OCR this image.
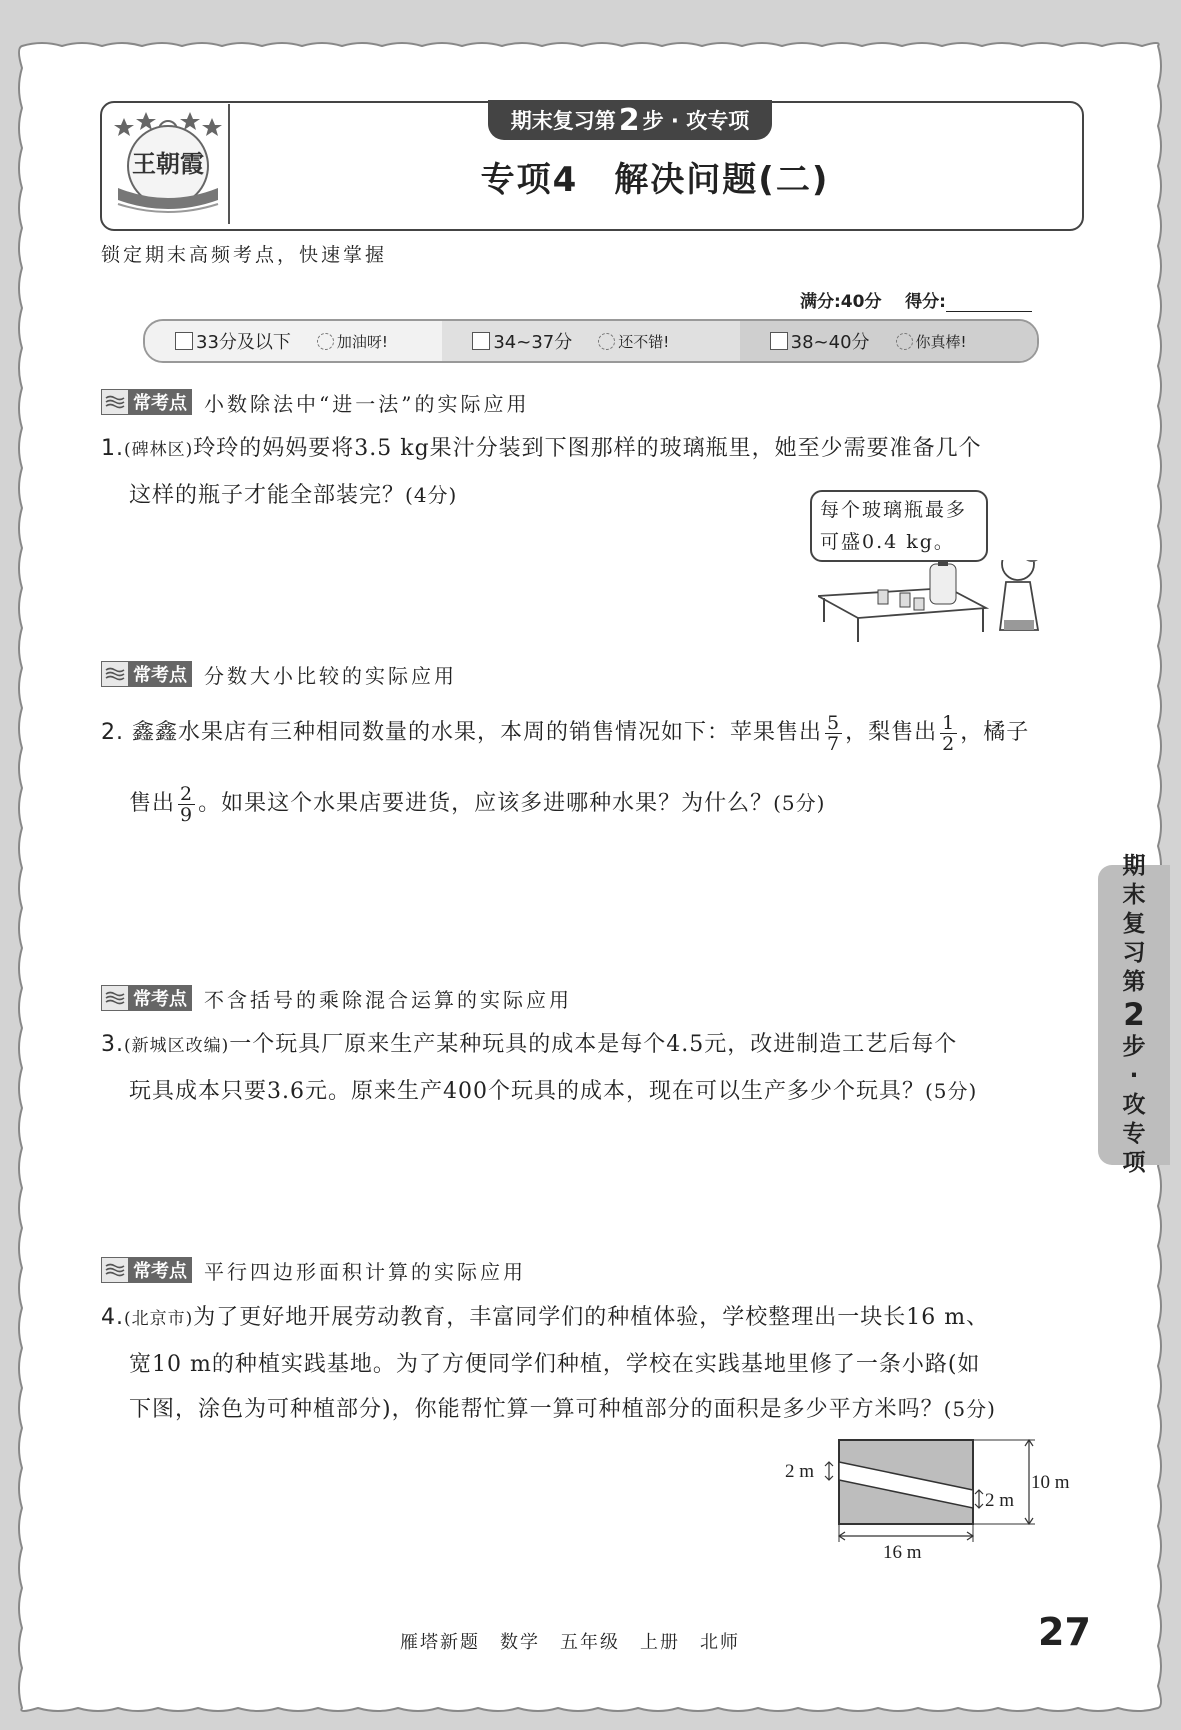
王朝霞
期末复习第 2 步 · 攻专项
专项4　解决问题(二)
锁定期末高频考点，快速掌握
满分:40分 得分:
33分及以下	加油呀!	34~37分	还不错!	38~40分	你真棒!
常考点 小数除法中“进一法”的实际应用
1.(碑林区)玲玲的妈妈要将3.5 kg果汁分装到下图那样的玻璃瓶里，她至少需要准备几个
这样的瓶子才能全部装完？(4分)
每个玻璃瓶最多
可盛0.4 kg。
常考点 分数大小比较的实际应用
2. 鑫鑫水果店有三种相同数量的水果，本周的销售情况如下：苹果售出 $\frac{5}{7}$ ，梨售出 $\frac{1}{2}$ ，橘子
售出 $\frac{2}{9}$ 。如果这个水果店要进货，应该多进哪种水果？为什么？(5分)
常考点 不含括号的乘除混合运算的实际应用
3.(新城区改编)一个玩具厂原来生产某种玩具的成本是每个4.5元，改进制造工艺后每个
玩具成本只要3.6元。原来生产400个玩具的成本，现在可以生产多少个玩具？(5分)
常考点 平行四边形面积计算的实际应用
4.(北京市)为了更好地开展劳动教育，丰富同学们的种植体验，学校整理出一块长16 m、
宽10 m的种植实践基地。为了方便同学们种植，学校在实践基地里修了一条小路(如
下图，涂色为可种植部分)，你能帮忙算一算可种植部分的面积是多少平方米吗？(5分)
2 m
2 m
10 m
16 m
期
末
复
习
第
2
步
·
攻
专
项
雁塔新题　数学　五年级　上册　北师	27
